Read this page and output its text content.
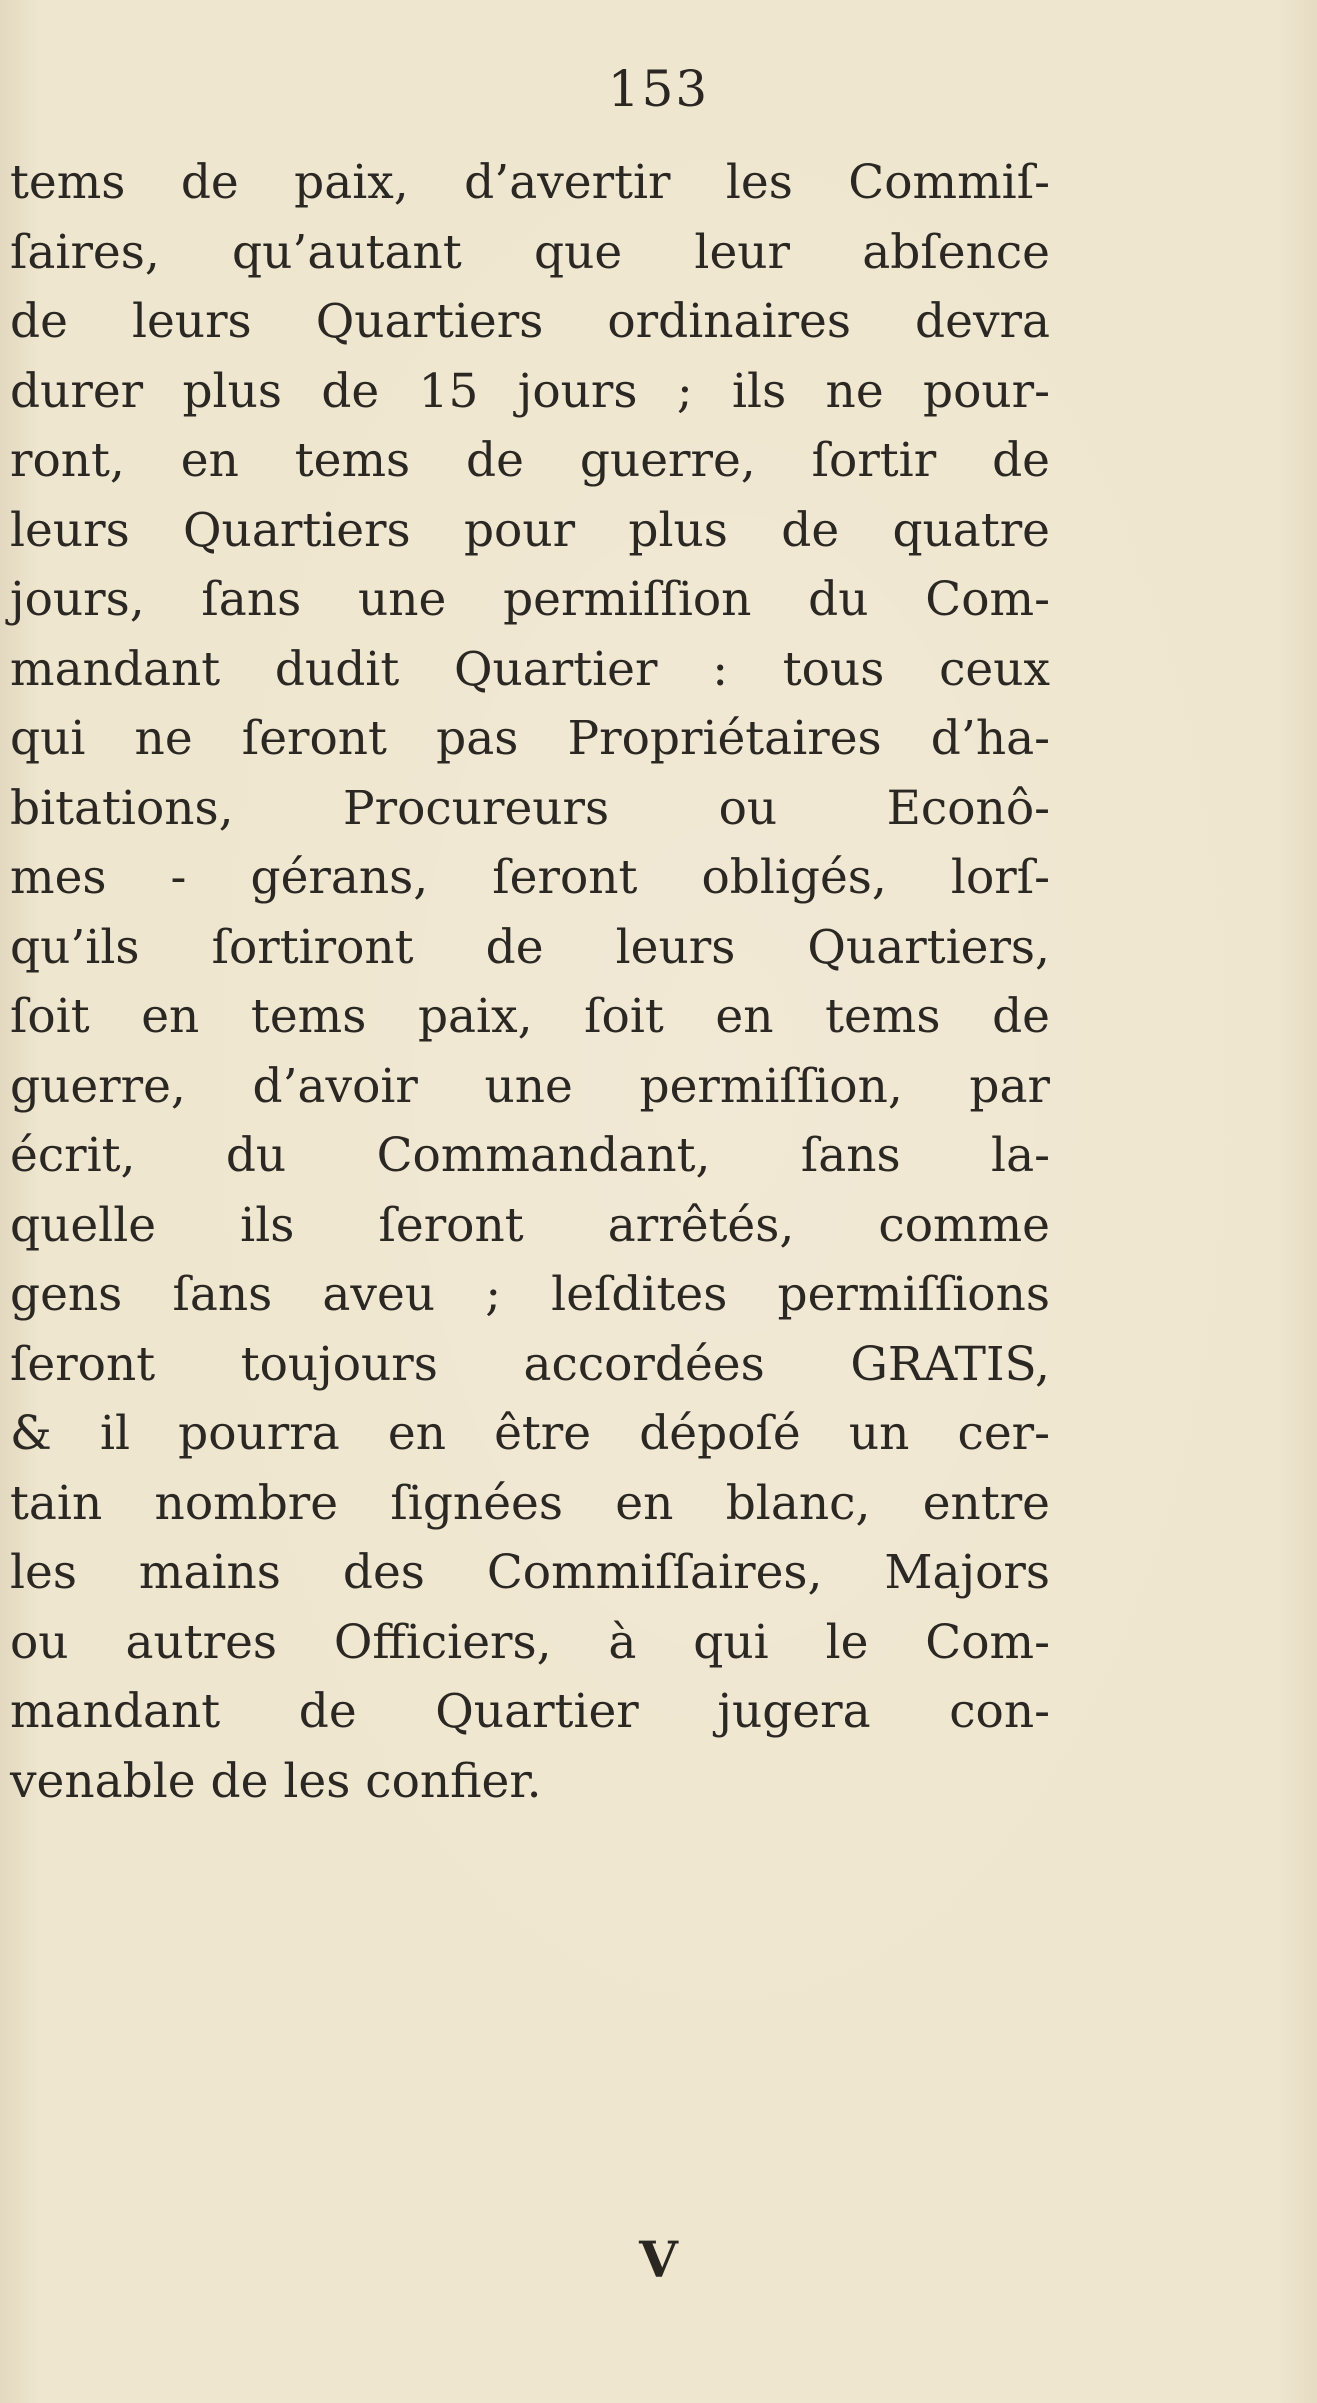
153
tems de paix, d’avertir les Commiſ-
ſaires, qu’autant que leur abſence
de leurs Quartiers ordinaires devra
durer plus de 15 jours ; ils ne pour-
ront, en tems de guerre, ſortir de
leurs Quartiers pour plus de quatre
jours, ſans une permiſſion du Com-
mandant dudit Quartier : tous ceux
qui ne ſeront pas Propriétaires d’ha-
bitations, Procureurs ou Econô-
mes - gérans, ſeront obligés, lorſ-
qu’ils ſortiront de leurs Quartiers,
ſoit en tems paix, ſoit en tems de
guerre, d’avoir une permiſſion, par
écrit, du Commandant, ſans la-
quelle ils ſeront arrêtés, comme
gens ſans aveu ; leſdites permiſſions
ſeront toujours accordées GRATIS,
& il pourra en être dépoſé un cer-
tain nombre ſignées en blanc, entre
les mains des Commiſſaires, Majors
ou autres Officiers, à qui le Com-
mandant de Quartier jugera con-
venable de les confier.
V
